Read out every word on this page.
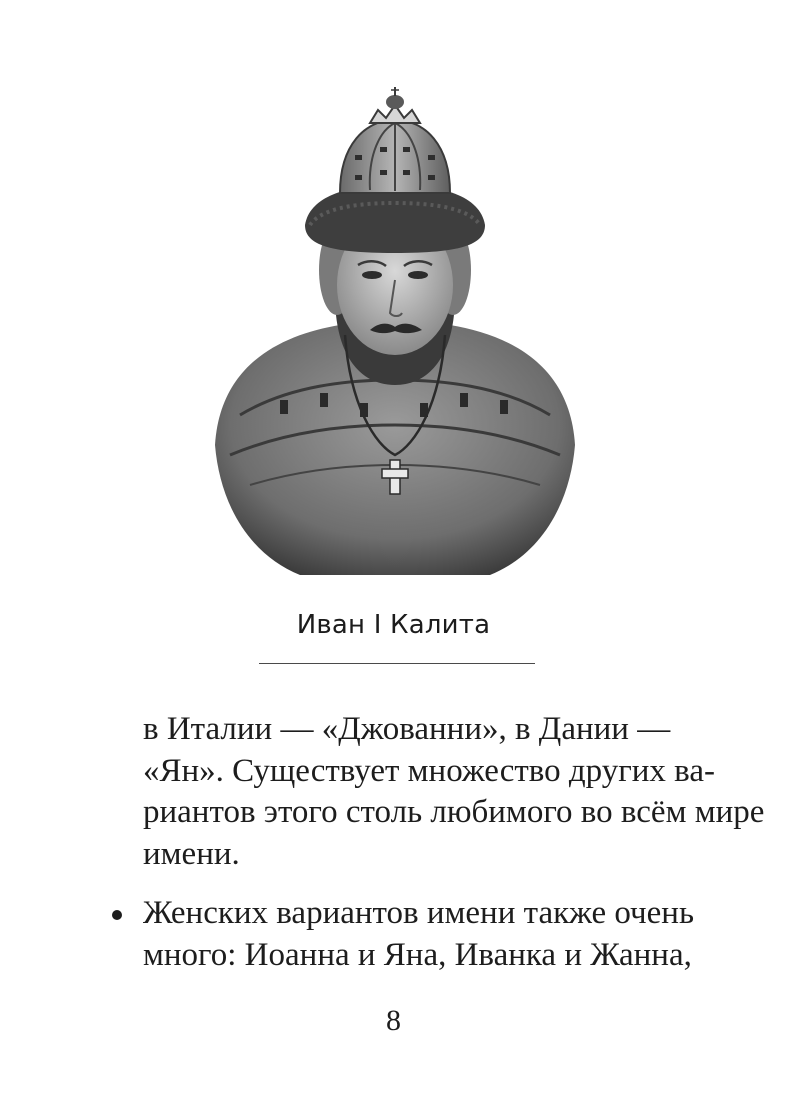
Иван I Калита
в Италии — «Джованни», в Дании —
«Ян». Существует множество других ва-
риантов этого столь любимого во всём мире
имени.
Женских вариантов имени также очень
много: Иоанна и Яна, Иванка и Жанна,
8
